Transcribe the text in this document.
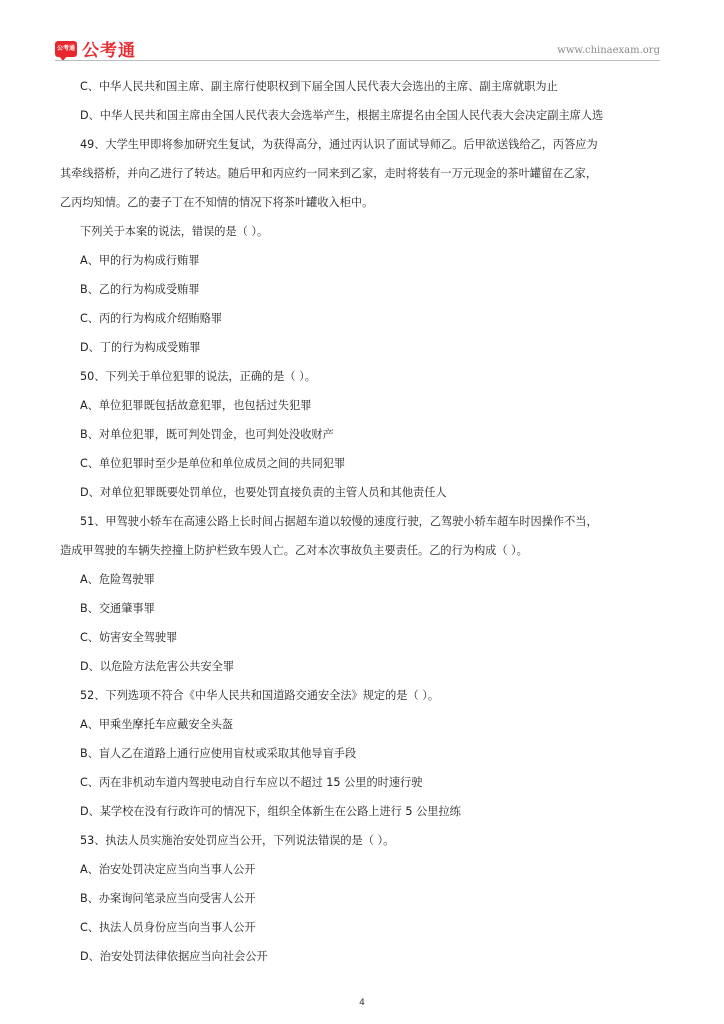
公考通 公考通	www.chinaexam.org
C、中华人民共和国主席、副主席行使职权到下届全国人民代表大会选出的主席、副主席就职为止
D、中华人民共和国主席由全国人民代表大会选举产生，根据主席提名由全国人民代表大会决定副主席人选
49、大学生甲即将参加研究生复试，为获得高分，通过丙认识了面试导师乙。后甲欲送钱给乙，丙答应为
其牵线搭桥，并向乙进行了转达。随后甲和丙应约一同来到乙家，走时将装有一万元现金的茶叶罐留在乙家，
乙丙均知情。乙的妻子丁在不知情的情况下将茶叶罐收入柜中。
下列关于本案的说法，错误的是（ ）。
A、甲的行为构成行贿罪
B、乙的行为构成受贿罪
C、丙的行为构成介绍贿赂罪
D、丁的行为构成受贿罪
50、下列关于单位犯罪的说法，正确的是（ ）。
A、单位犯罪既包括故意犯罪，也包括过失犯罪
B、对单位犯罪，既可判处罚金，也可判处没收财产
C、单位犯罪时至少是单位和单位成员之间的共同犯罪
D、对单位犯罪既要处罚单位，也要处罚直接负责的主管人员和其他责任人
51、甲驾驶小轿车在高速公路上长时间占据超车道以较慢的速度行驶，乙驾驶小轿车超车时因操作不当，
造成甲驾驶的车辆失控撞上防护栏致车毁人亡。乙对本次事故负主要责任。乙的行为构成（ ）。
A、危险驾驶罪
B、交通肇事罪
C、妨害安全驾驶罪
D、以危险方法危害公共安全罪
52、下列选项不符合《中华人民共和国道路交通安全法》规定的是（ ）。
A、甲乘坐摩托车应戴安全头盔
B、盲人乙在道路上通行应使用盲杖或采取其他导盲手段
C、丙在非机动车道内驾驶电动自行车应以不超过 15 公里的时速行驶
D、某学校在没有行政许可的情况下，组织全体新生在公路上进行 5 公里拉练
53、执法人员实施治安处罚应当公开，下列说法错误的是（ ）。
A、治安处罚决定应当向当事人公开
B、办案询问笔录应当向受害人公开
C、执法人员身份应当向当事人公开
D、治安处罚法律依据应当向社会公开
4
